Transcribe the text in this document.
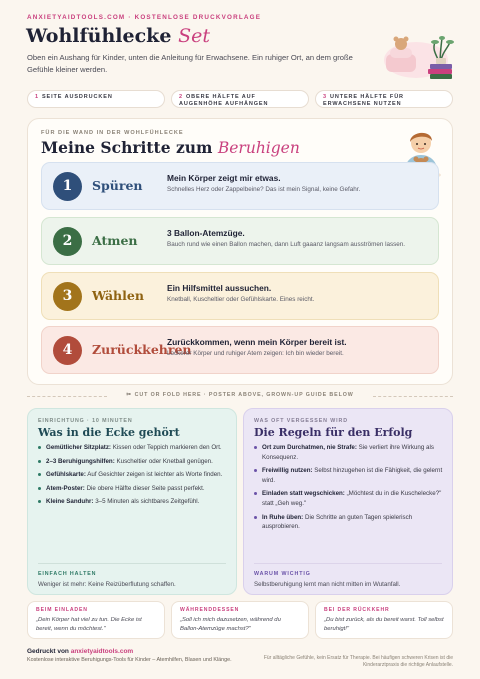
ANXIETYAIDTOOLS.COM · KOSTENLOSE DRUCKVORLAGE
Wohlfühlecke Set
Oben ein Aushang für Kinder, unten die Anleitung für Erwachsene. Ein ruhiger Ort, an dem große Gefühle kleiner werden.
1 SEITE AUSDRUCKEN	2 OBERE HÄLFTE AUF AUGENHÖHE AUFHÄNGEN
3 UNTERE HÄLFTE FÜR ERWACHSENE NUTZEN
FÜR DIE WAND IN DER WOHLFÜHLECKE
Meine Schritte zum Beruhigen
1	Spüren	Mein Körper zeigt mir etwas.
Schnelles Herz oder Zappelbeine? Das ist mein Signal, keine Gefahr.
2	Atmen	3 Ballon-Atemzüge.
Bauch rund wie einen Ballon machen, dann Luft gaaanz langsam ausströmen lassen.
3	Wählen	Ein Hilfsmittel aussuchen.
Knetball, Kuscheltier oder Gefühlskarte. Eines reicht.
4	Zurückkehren
Zurückkommen, wenn mein Körper bereit ist.
Lockerer Körper und ruhiger Atem zeigen: Ich bin wieder bereit.
✂ CUT OR FOLD HERE · POSTER ABOVE, GROWN-UP GUIDE BELOW
EINRICHTUNG · 10 MINUTEN
Was in die Ecke gehört
Gemütlicher Sitzplatz: Kissen oder Teppich markieren den Ort.
2–3 Beruhigungshilfen: Kuscheltier oder Knetball genügen.
Gefühlskarte: Auf Gesichter zeigen ist leichter als Worte finden.
Atem-Poster: Die obere Hälfte dieser Seite passt perfekt.
Kleine Sanduhr: 3–5 Minuten als sichtbares Zeitgefühl.
EINFACH HALTEN
Weniger ist mehr: Keine Reizüberflutung schaffen.
WAS OFT VERGESSEN WIRD
Die Regeln für den Erfolg
Ort zum Durchatmen, nie Strafe: Sie verliert ihre Wirkung als Konsequenz.
Freiwillig nutzen: Selbst hinzugehen ist die Fähigkeit, die gelernt wird.
Einladen statt wegschicken: „Möchtest du in die Kuschelecke?" statt „Geh weg."
In Ruhe üben: Die Schritte an guten Tagen spielerisch ausprobieren.
WARUM WICHTIG
Selbstberuhigung lernt man nicht mitten im Wutanfall.
BEIM EINLADEN
„Dein Körper hat viel zu tun. Die Ecke ist bereit, wenn du möchtest."
WÄHRENDDESSEN
„Soll ich mich dazusetzen, während du Ballon-Atemzüge machst?"
BEI DER RÜCKKEHR
„Du bist zurück, als du bereit warst. Toll selbst beruhigt!"
Gedruckt von anxietyaidtools.com
Kostenlose interaktive Beruhigungs-Tools für Kinder – Atemhilfen, Blasen und Klänge.	Für alltägliche Gefühle, kein Ersatz für Therapie. Bei häufigen schweren Krisen ist die Kinderarztpraxis die richtige Anlaufstelle.
